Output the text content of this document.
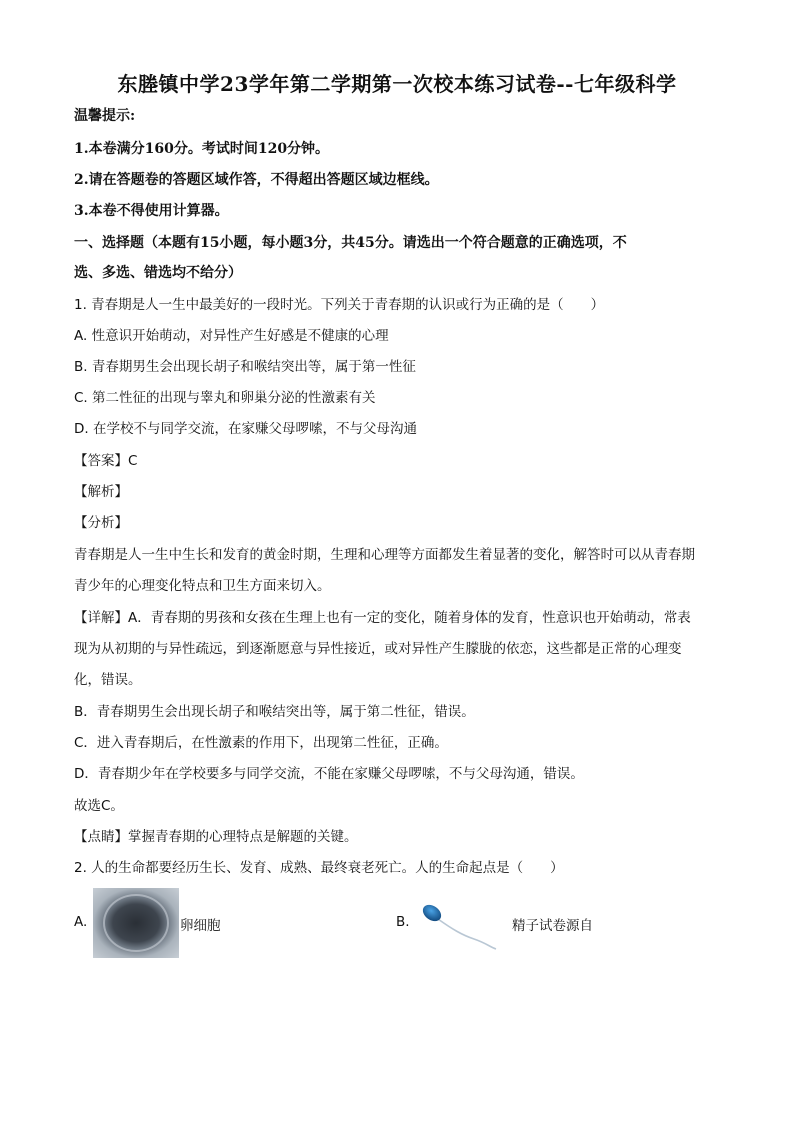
东塍镇中学23学年第二学期第一次校本练习试卷--七年级科学
温馨提示:
1.本卷满分160分。考试时间120分钟。
2.请在答题卷的答题区域作答，不得超出答题区域边框线。
3.本卷不得使用计算器。
一、选择题（本题有15小题，每小题3分，共45分。请选出一个符合题意的正确选项，不
选、多选、错选均不给分）
1. 青春期是人一生中最美好的一段时光。下列关于青春期的认识或行为正确的是（　　）
A. 性意识开始萌动，对异性产生好感是不健康的心理
B. 青春期男生会出现长胡子和喉结突出等，属于第一性征
C. 第二性征的出现与睾丸和卵巢分泌的性激素有关
D. 在学校不与同学交流，在家赚父母啰嗦，不与父母沟通
【答案】C
【解析】
【分析】
青春期是人一生中生长和发育的黄金时期，生理和心理等方面都发生着显著的变化，解答时可以从青春期
青少年的心理变化特点和卫生方面来切入。
【详解】A．青春期的男孩和女孩在生理上也有一定的变化，随着身体的发育，性意识也开始萌动，常表
现为从初期的与异性疏远，到逐渐愿意与异性接近，或对异性产生朦胧的依恋，这些都是正常的心理变
化，错误。
B．青春期男生会出现长胡子和喉结突出等，属于第二性征，错误。
C．进入青春期后，在性激素的作用下，出现第二性征，正确。
D．青春期少年在学校要多与同学交流，不能在家赚父母啰嗦，不与父母沟通，错误。
故选C。
【点睛】掌握青春期的心理特点是解题的关键。
2. 人的生命都要经历生长、发育、成熟、最终衰老死亡。人的生命起点是（　　）
A.	卵细胞	B.	精子试卷源自
